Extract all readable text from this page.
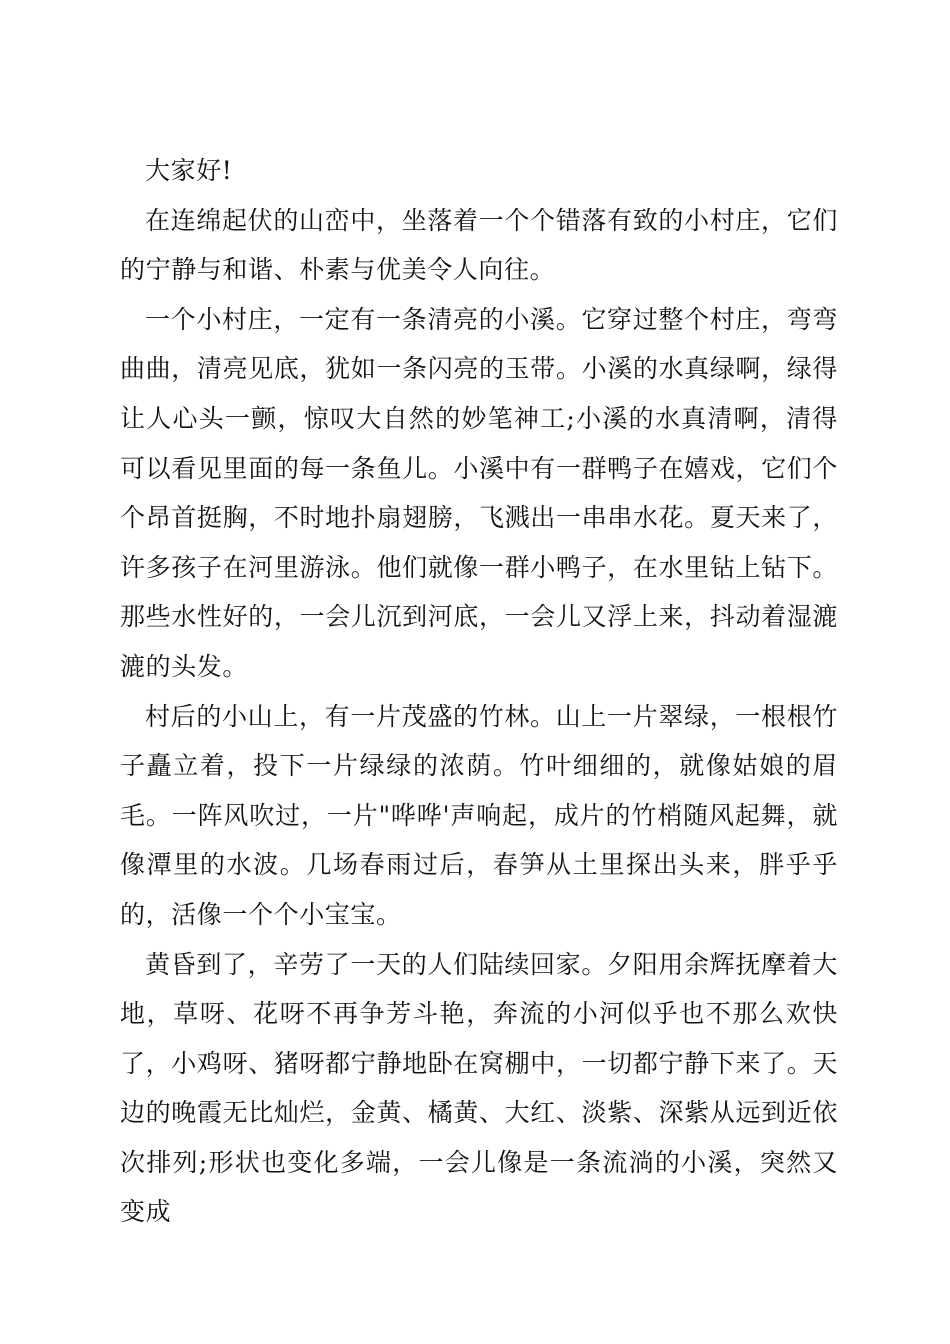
大家好!

在连绵起伏的山峦中，坐落着一个个错落有致的小村庄，它们的宁静与和谐、朴素与优美令人向往。

一个小村庄，一定有一条清亮的小溪。它穿过整个村庄，弯弯曲曲，清亮见底，犹如一条闪亮的玉带。小溪的水真绿啊，绿得让人心头一颤，惊叹大自然的妙笔神工;小溪的水真清啊，清得可以看见里面的每一条鱼儿。小溪中有一群鸭子在嬉戏，它们个个昂首挺胸，不时地扑扇翅膀，飞溅出一串串水花。夏天来了，许多孩子在河里游泳。他们就像一群小鸭子，在水里钻上钻下。那些水性好的，一会儿沉到河底，一会儿又浮上来，抖动着湿漉漉的头发。

村后的小山上，有一片茂盛的竹林。山上一片翠绿，一根根竹子矗立着，投下一片绿绿的浓荫。竹叶细细的，就像姑娘的眉毛。一阵风吹过，一片"哗哗'声响起，成片的竹梢随风起舞，就像潭里的水波。几场春雨过后，春笋从土里探出头来，胖乎乎的，活像一个个小宝宝。

黄昏到了，辛劳了一天的人们陆续回家。夕阳用余辉抚摩着大地，草呀、花呀不再争芳斗艳，奔流的小河似乎也不那么欢快了，小鸡呀、猪呀都宁静地卧在窝棚中，一切都宁静下来了。天边的晚霞无比灿烂，金黄、橘黄、大红、淡紫、深紫从远到近依次排列;形状也变化多端，一会儿像是一条流淌的小溪，突然又变成
